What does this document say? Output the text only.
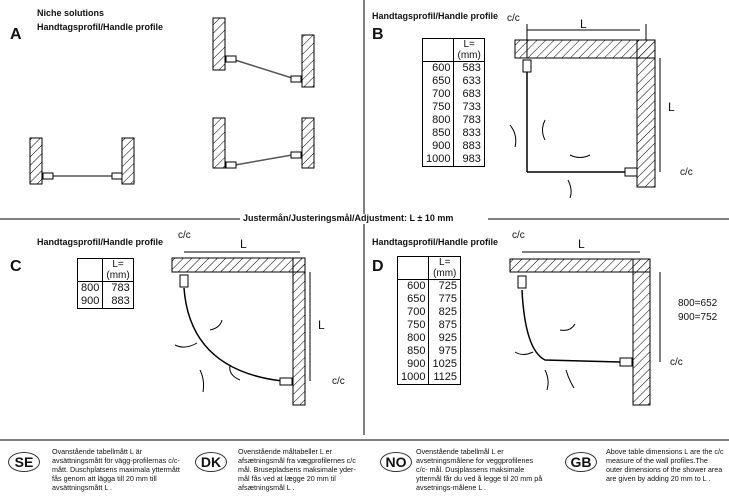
A
Niche solutions
Handtagsprofil/Handle profile	B
Handtagsprofil/Handle profile c/c	L
L
c/c
	L=
(mm)
600	583
650	633
700	683
750	733
800	783
850	833
900	883
1000	983
Justermån/Justeringsmål/Adjustment: L ± 10 mm
C
Handtagsprofil/Handle profile
c/c
L
L
c/c
	L=
(mm)
800	783
900	883
D
Handtagsprofil/Handle profile
c/c
L
800=652
900=752
c/c
	L=
(mm)
600	725
650	775
700	825
750	875
800	925
850	975
900	1025
1000	1125
SE
Ovanstående tabellmått L är avsättningsmått för vägg-profilernas c/c-mått. Duschplatsens maximala yttermått fås genom att lägga till 20 mm till avsättningsmått L .
DK
Ovenstående måltabeller L er afsætningsmål fra vægprofilernes c/c mål. Brusepladsens maksimale yder- mål fås ved at lægge 20 mm til afsætningsmål L .
NO
Ovenstående tabellmål L er avsetningsmålene for veggprofilenes c/c- mål. Dusjplassens maksimale yttermål får du ved å legge til 20 mm på avsetnings-målene L .
GB
Above table dimensions L are the c/c measure of the wall profiles.The outer dimensions of the shower area are given by adding 20 mm to L .
